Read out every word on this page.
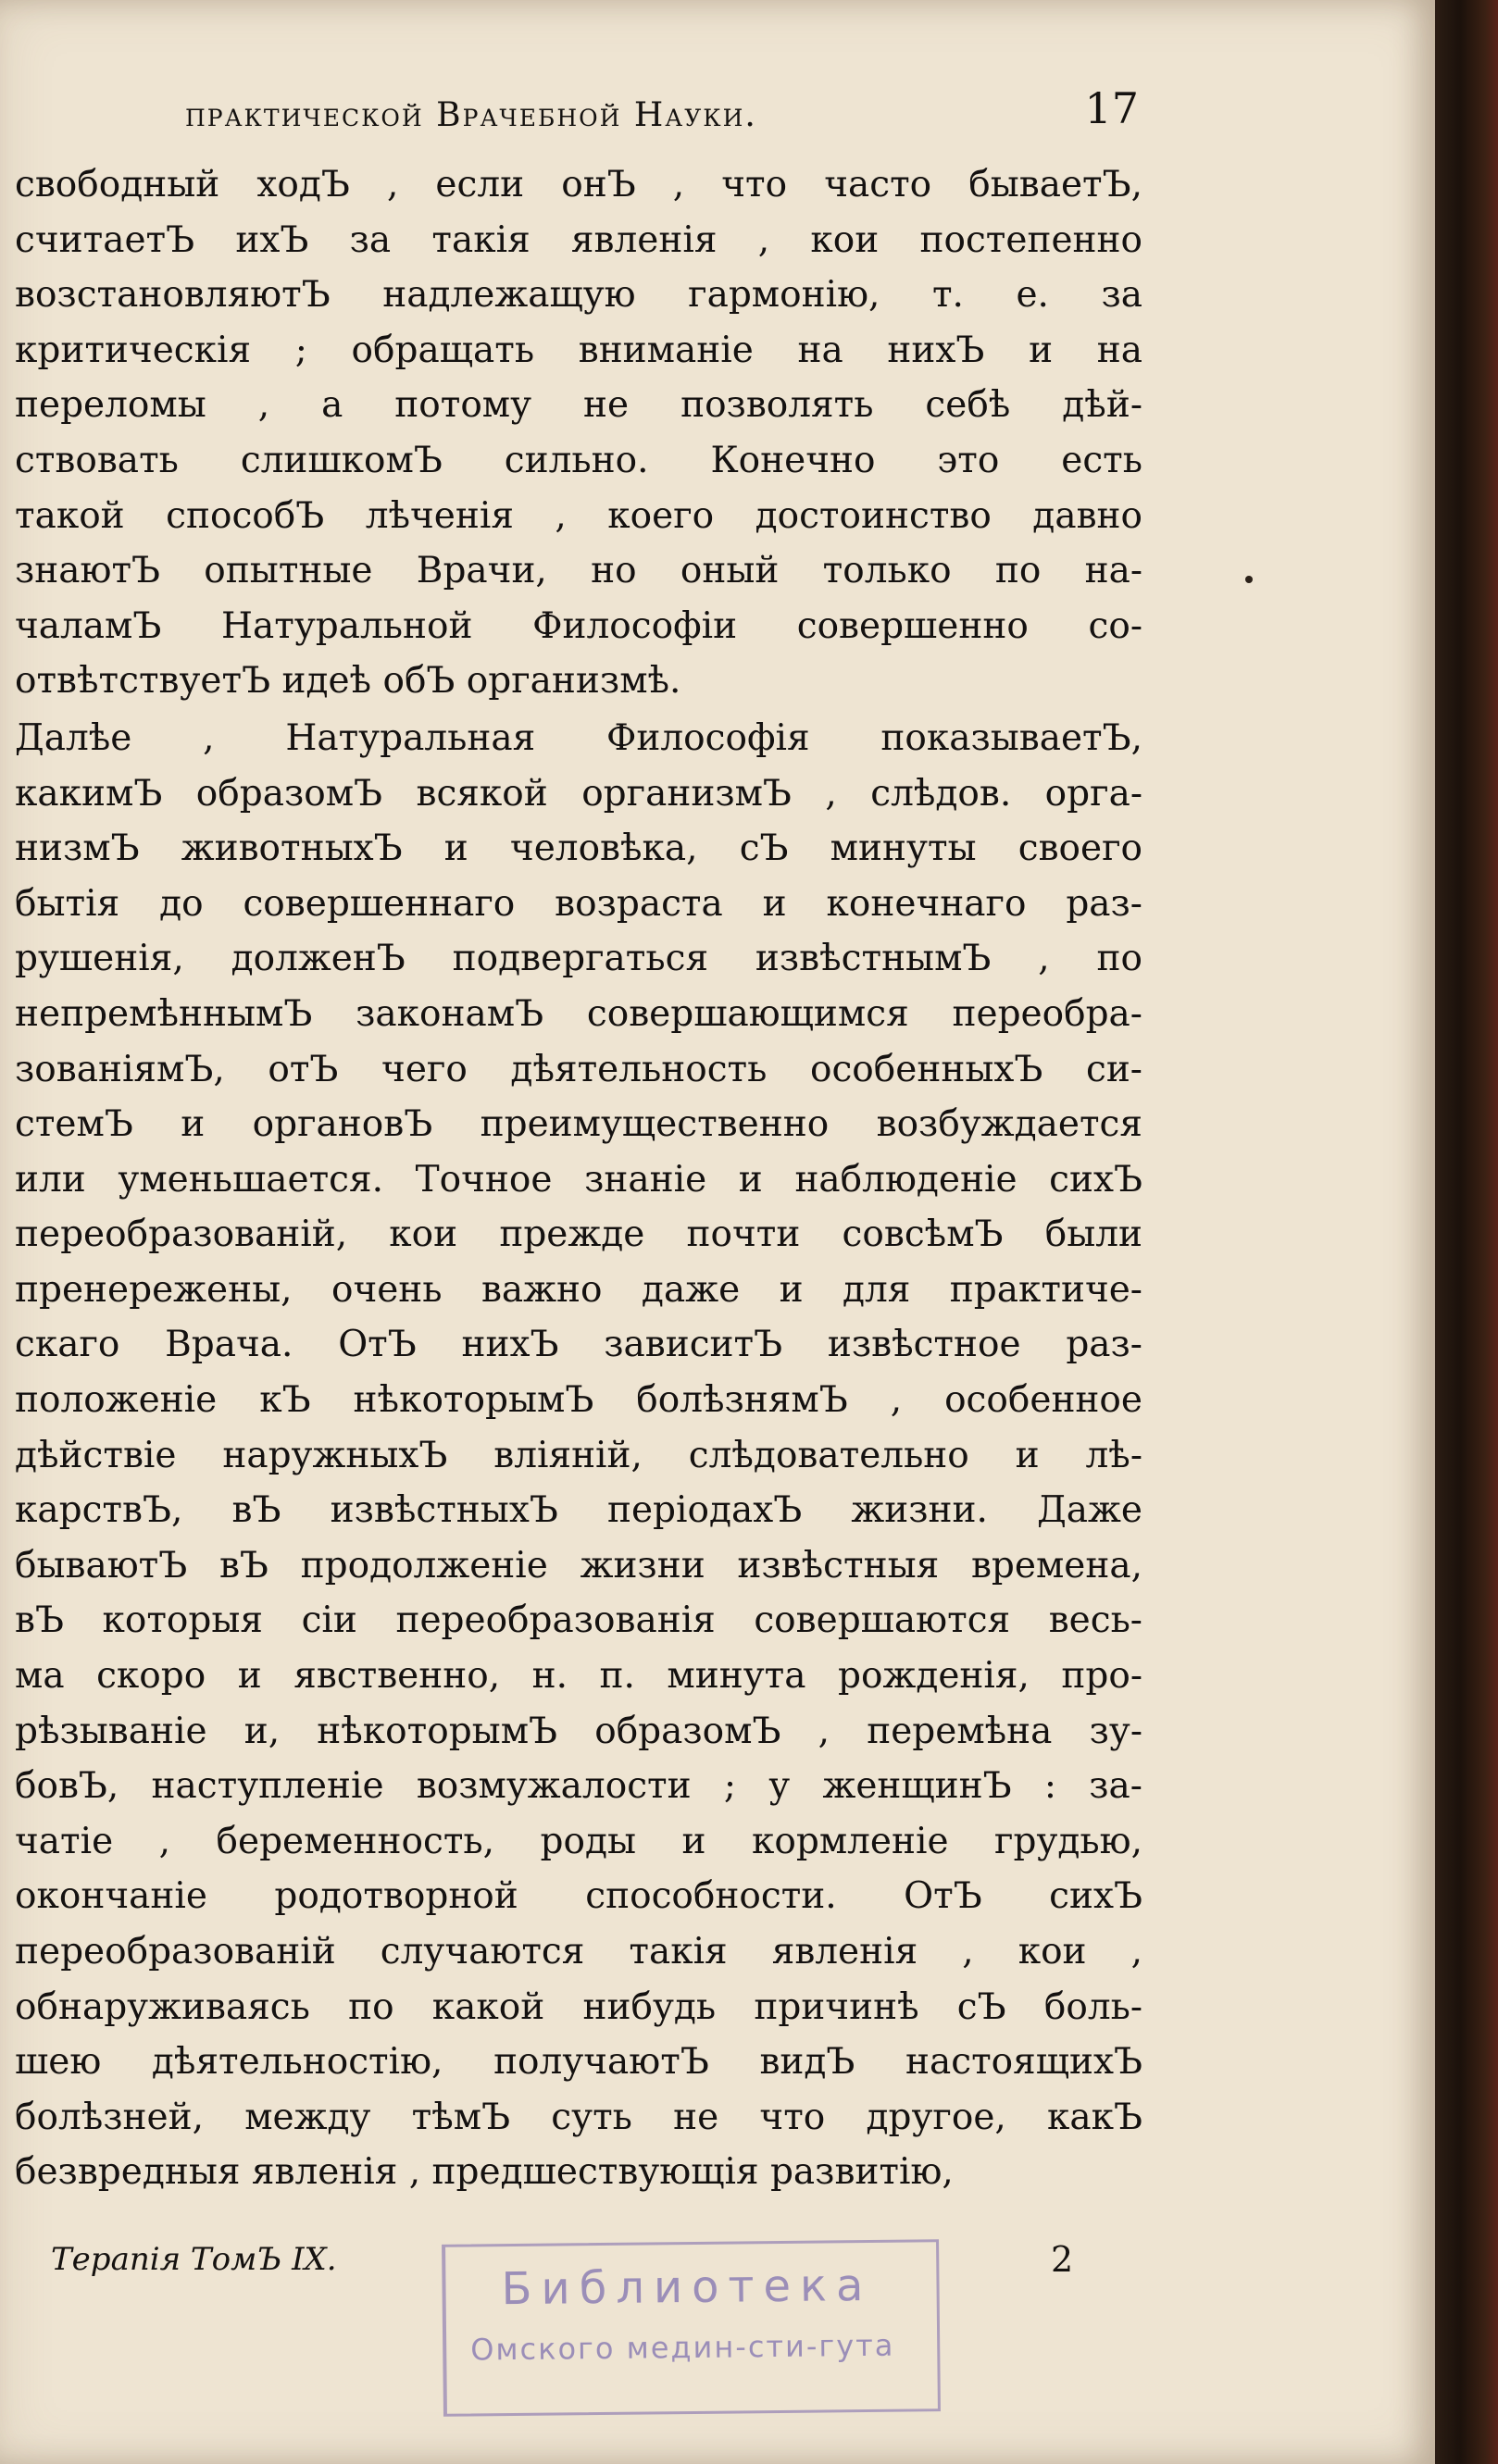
практической Врачебной Науки.	17
свободный ходЪ , если онЪ , что часто бываетЪ,
считаетЪ ихЪ за такія явленія , кои постепенно
возстановляютЪ надлежащую гармонію, т. е. за
критическія ; обращать вниманіе на нихЪ и на
переломы , а потому не позволять себѣ дѣй-
ствовать слишкомЪ сильно. Конечно это есть
такой способЪ лѣченія , коего достоинство давно
знаютЪ опытные Врачи, но оный только по на-
чаламЪ Натуральной Философіи совершенно со-
отвѣтствуетЪ идеѣ обЪ организмѣ.
Далѣе , Натуральная Философія показываетЪ,
какимЪ образомЪ всякой организмЪ , слѣдов. орга-
низмЪ животныхЪ и человѣка, сЪ минуты своего
бытія до совершеннаго возраста и конечнаго раз-
рушенія, долженЪ подвергаться извѣстнымЪ , по
непремѣннымЪ законамЪ совершающимся переобра-
зованіямЪ, отЪ чего дѣятельность особенныхЪ си-
стемЪ и органовЪ преимущественно возбуждается
или уменьшается. Точное знаніе и наблюденіе сихЪ
переобразованій, кои прежде почти совсѣмЪ были
пренережены, очень важно даже и для практиче-
скаго Врача. ОтЪ нихЪ зависитЪ извѣстное раз-
положеніе кЪ нѣкоторымЪ болѣзнямЪ , особенное
дѣйствіе наружныхЪ вліяній, слѣдовательно и лѣ-
карствЪ, вЪ извѣстныхЪ періодахЪ жизни. Даже
бываютЪ вЪ продолженіе жизни извѣстныя времена,
вЪ которыя сіи переобразованія совершаются весь-
ма скоро и явственно, н. п. минута рожденія, про-
рѣзываніе и, нѣкоторымЪ образомЪ , перемѣна зу-
бовЪ, наступленіе возмужалости ; у женщинЪ : за-
чатіе , беременность, роды и кормленіе грудью,
окончаніе родотворной способности. ОтЪ сихЪ
переобразованій случаются такія явленія , кои ,
обнаруживаясь по какой нибудь причинѣ сЪ боль-
шею дѣятельностію, получаютЪ видЪ настоящихЪ
болѣзней, между тѣмЪ суть не что другое, какЪ
безвредныя явленія , предшествующія развитію,
Терапія ТомЪ IX.	2
Библиотека
Омского медин-сти-гута
